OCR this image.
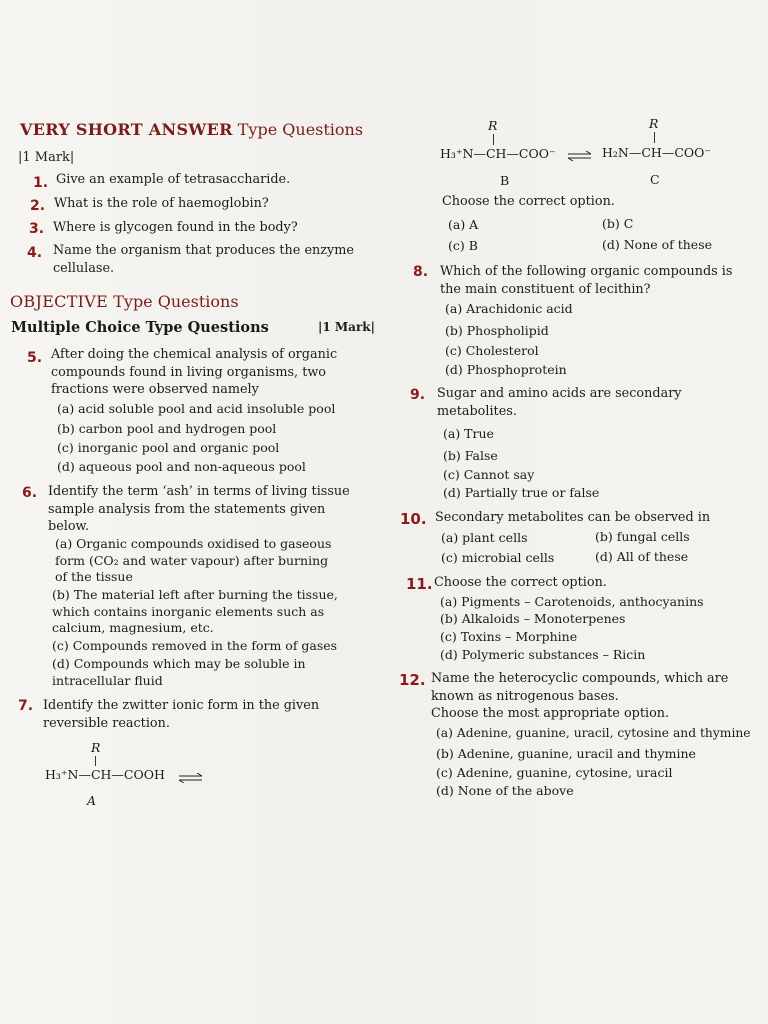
VERY SHORT ANSWER Type Questions
|1 Mark|
1. Give an example of tetrasaccharide.
2. What is the role of haemoglobin?
3. Where is glycogen found in the body?
4. Name the organism that produces the enzyme
cellulase.
OBJECTIVE Type Questions
Multiple Choice Type Questions	|1 Mark|
5. After doing the chemical analysis of organic
compounds found in living organisms, two
fractions were observed namely
(a) acid soluble pool and acid insoluble pool
(b) carbon pool and hydrogen pool
(c) inorganic pool and organic pool
(d) aqueous pool and non-aqueous pool
6. Identify the term ‘ash’ in terms of living tissue
sample analysis from the statements given
below.
(a) Organic compounds oxidised to gaseous
form (CO₂ and water vapour) after burning
of the tissue
(b) The material left after burning the tissue,
which contains inorganic elements such as
calcium, magnesium, etc.
(c) Compounds removed in the form of gases
(d) Compounds which may be soluble in
intracellular fluid
7. Identify the zwitter ionic form in the given
reversible reaction.
R
H₃⁺N—CH—COOH ⇌
A
R
H₃⁺N—CH—COO⁻ ⇌
R
H₂N—CH—COO⁻
B	C
Choose the correct option.
(a) A	(b) C
(c) B	(d) None of these
8. Which of the following organic compounds is
the main constituent of lecithin?
(a) Arachidonic acid
(b) Phospholipid
(c) Cholesterol
(d) Phosphoprotein
9. Sugar and amino acids are secondary
metabolites.
(a) True
(b) False
(c) Cannot say
(d) Partially true or false
10. Secondary metabolites can be observed in
(a) plant cells	(b) fungal cells
(c) microbial cells	(d) All of these
11. Choose the correct option.
(a) Pigments – Carotenoids, anthocyanins
(b) Alkaloids – Monoterpenes
(c) Toxins – Morphine
(d) Polymeric substances – Ricin
12. Name the heterocyclic compounds, which are
known as nitrogenous bases.
Choose the most appropriate option.
(a) Adenine, guanine, uracil, cytosine and thymine
(b) Adenine, guanine, uracil and thymine
(c) Adenine, guanine, cytosine, uracil
(d) None of the above
